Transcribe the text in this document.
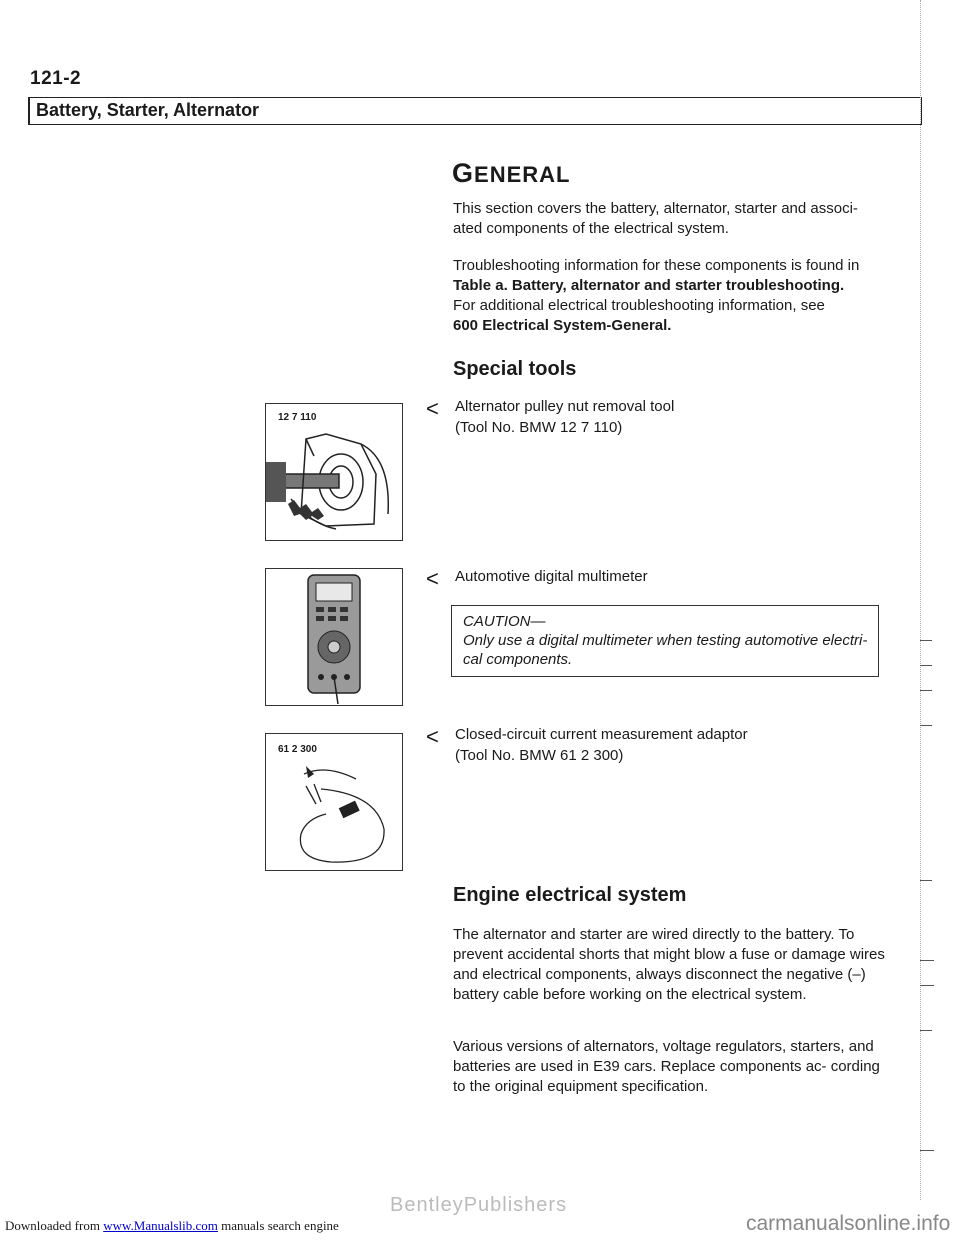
121-2
Battery, Starter, Alternator
GENERAL
This section covers the battery, alternator, starter and associ- ated components of the electrical system.
Troubleshooting information for these components is found in
Table a. Battery, alternator and starter troubleshooting.
For additional electrical troubleshooting information, see
600 Electrical System-General.
Special tools
12 7 110	< Alternator pulley nut removal tool
(Tool No. BMW 12 7 110)
< Automotive digital multimeter
CAUTION—
Only use a digital multimeter when testing automotive electri- cal components.
61 2 300
< Closed-circuit current measurement adaptor
(Tool No. BMW 61 2 300)
Engine electrical system
The alternator and starter are wired directly to the battery. To prevent accidental shorts that might blow a fuse or damage wires and electrical components, always disconnect the negative (–) battery cable before working on the electrical system.
Various versions of alternators, voltage regulators, starters, and batteries are used in E39 cars. Replace components ac- cording to the original equipment specification.
BentleyPublishers
Downloaded from www.Manualslib.com manuals search engine	carmanualsonline.info
